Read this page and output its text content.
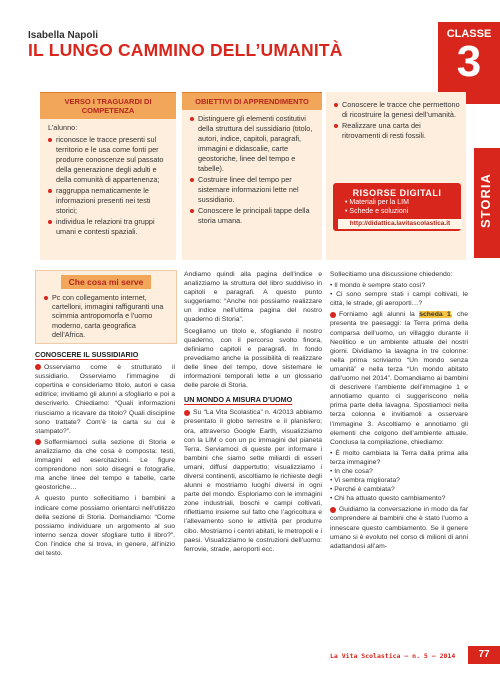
Isabella Napoli
IL LUNGO CAMMINO DELL’UMANITÀ
CLASSE
3
STORIA
VERSO I TRAGUARDI DI COMPETENZA
L’alunno:
riconosce le tracce presenti sul territorio e le usa come fonti per produrre conoscenze sul passato della generazione degli adulti e della comunità di appartenenza;
raggruppa nematicamente le informazioni presenti nei testi storici;
individua le relazioni tra gruppi umani e contesti spaziali.
OBIETTIVI DI APPRENDIMENTO
Distinguere gli elementi costitutivi della struttura del sussidiario (titolo, autori, indice, capitoli, paragrafi, immagini e didascalie, carte geostoriche, linee del tempo e tabelle).
Costruire linee del tempo per sistemare informazioni lette nel sussidiario.
Conoscere le principali tappe della storia umana.
Conoscere le tracce che permettono di ricostruire la genesi dell’umanità.
Realizzare una carta dei ritrovamenti di resti fossili.
RISORSE DIGITALI
• Materiali per la LIM
• Schede e soluzioni
http://didattica.lavitascolastica.it
Che cosa mi serve
Pc con collegamento internet, cartelloni, immagini raffiguranti una scimmia antropomorfa e l’uomo moderno, carta geografica dell’Africa.
CONOSCERE IL SUSSIDIARIO

Osserviamo come è strutturato il sussidiario. Osserviamo l’immagine di copertina e consideriamo titolo, autori e casa editrice; invitiamo gli alunni a sfogliarlo e poi a descriverlo. Chiediamo: “Quali informazioni riusciamo a ricavare da titolo? Quali discipline sono trattate? Com’è la carta su cui è stampato?”.

Soffermiamoci sulla sezione di Storia e analizziamo da che cosa è composta: testi, immagini ed esercitazioni. Le figure comprendono non solo disegni e fotografie, ma anche linee del tempo e tabelle, carte geostoriche…

A questo punto sollecitiamo i bambini a indicare come possiamo orientarci nell’utilizzo della sezione di Storia. Domandiamo: “Come possiamo individuare un argomento al suo interno senza dover sfogliare tutto il libro?”. Con l’indice che si trova, in genere, all’inizio del testo.

Andiamo quindi alla pagina dell’indice e analizziamo la struttura del libro suddiviso in capitoli e paragrafi. A questo punto suggeriamo: “Anche noi possiamo realizzare un indice nell’ultima pagina del nostro quaderno di Storia”.

Scegliamo un titolo e, sfogliando il nostro quaderno, con il percorso svolto finora, definiamo capitoli e paragrafi. In fondo prevediamo anche la possibilità di realizzare delle linee del tempo, dove sistemare le informazioni temporali lette e un glossario delle parole di Storia.

UN MONDO A MISURA D’UOMO

Su “La Vita Scolastica” n. 4/2013 abbiamo presentato il globo terrestre e il planisfero; ora, attraverso Google Earth, visualizziamo con la LIM o con un pc immagini del pianeta Terra. Serviamoci di queste per informare i bambini che siamo sette miliardi di esseri umani, diffusi dappertutto; visualizziamo i diversi continenti, ascoltiamo le richieste degli alunni e mostriamo luoghi diversi in ogni parte del mondo. Esploriamo con le immagini zone industriali, boschi e campi coltivati, riflettiamo insieme sul fatto che l’agricoltura e l’allevamento sono le attività per produrre cibo. Mostriamo i centri abitati, le metropoli e i paesi. Visualizziamo le costruzioni dell’uomo: ferrovie, strade, aeroporti ecc.

Sollecitiamo una discussione chiedendo:

• Il mondo è sempre stato così?

• Ci sono sempre stati i campi coltivati, le città, le strade, gli aeroporti…?

Forniamo agli alunni la scheda 1, che presenta tre paesaggi: la Terra prima della comparsa dell’uomo, un villaggio durante il Neolitico e un ambiente attuale dei nostri giorni. Dividiamo la lavagna in tre colonne: nella prima scriviamo “Un mondo senza umanità” e nella terza “Un mondo abitato dall’uomo nel 2014”. Domandiamo ai bambini di descrivere l’ambiente dell’immagine 1 e annotiamo quanto ci suggeriscono nella prima parte della lavagna. Spostiamoci nella terza colonna e invitiamoli a osservare l’immagine 3. Ascoltiamo e annotiamo gli elementi che colgono dell’ambiente attuale. Conclusa la compilazione, chiediamo:

• È molto cambiata la Terra dalla prima alla terza immagine?

• In che cosa?

• Vi sembra migliorata?

• Perché è cambiata?

• Chi ha attuato questo cambiamento?

Guidiamo la conversazione in modo da far comprendere ai bambini che è stato l’uomo a innescare questo cambiamento. Se il genere umano si è evoluto nel corso di milioni di anni adattandosi all’am-

La Vita Scolastica – n. 5 – 2014	77
